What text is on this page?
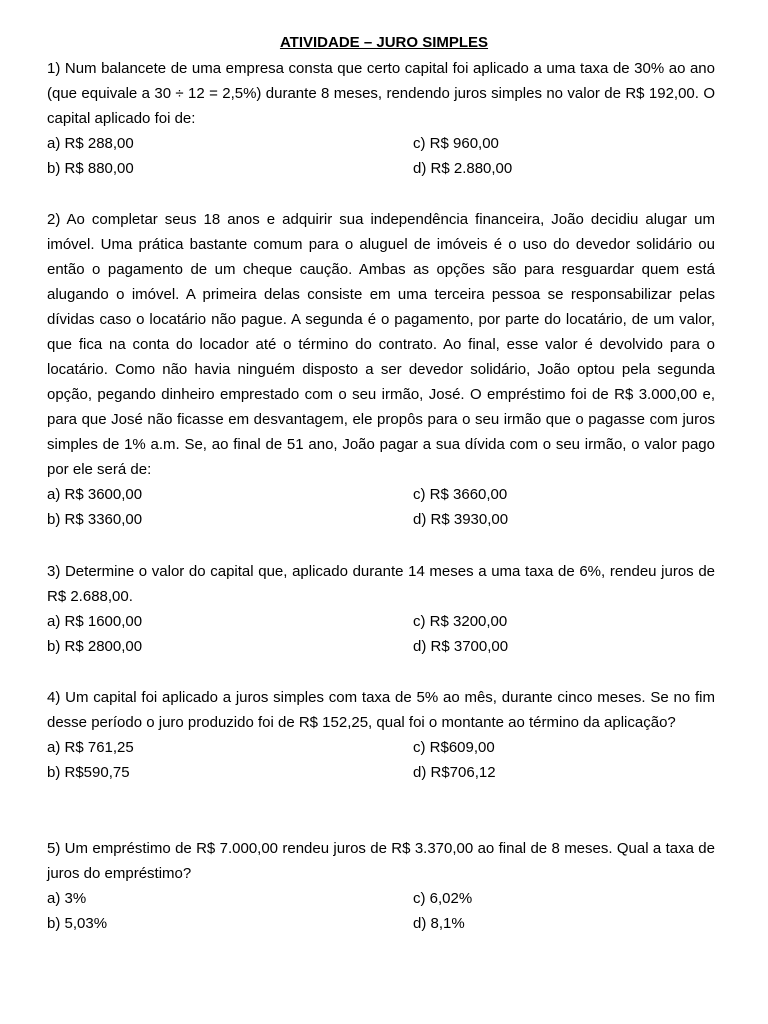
ATIVIDADE – JURO SIMPLES
1) Num balancete de uma empresa consta que certo capital foi aplicado a uma taxa de 30% ao ano (que equivale a 30 ÷ 12 = 2,5%) durante 8 meses, rendendo juros simples no valor de R$ 192,00. O capital aplicado foi de:
a) R$ 288,00	c) R$ 960,00
b) R$ 880,00	d) R$ 2.880,00
2) Ao completar seus 18 anos e adquirir sua independência financeira, João decidiu alugar um imóvel. Uma prática bastante comum para o aluguel de imóveis é o uso do devedor solidário ou então o pagamento de um cheque caução. Ambas as opções são para resguardar quem está alugando o imóvel. A primeira delas consiste em uma terceira pessoa se responsabilizar pelas dívidas caso o locatário não pague. A segunda é o pagamento, por parte do locatário, de um valor, que fica na conta do locador até o término do contrato. Ao final, esse valor é devolvido para o locatário. Como não havia ninguém disposto a ser devedor solidário, João optou pela segunda opção, pegando dinheiro emprestado com o seu irmão, José. O empréstimo foi de R$ 3.000,00 e, para que José não ficasse em desvantagem, ele propôs para o seu irmão que o pagasse com juros simples de 1% a.m. Se, ao final de 51 ano, João pagar a sua dívida com o seu irmão, o valor pago por ele será de:
a) R$ 3600,00	c) R$ 3660,00
b) R$ 3360,00	d) R$ 3930,00
3) Determine o valor do capital que, aplicado durante 14 meses a uma taxa de 6%, rendeu juros de R$ 2.688,00.
a) R$ 1600,00	c) R$ 3200,00
b) R$ 2800,00	d) R$ 3700,00
4) Um capital foi aplicado a juros simples com taxa de 5% ao mês, durante cinco meses. Se no fim desse período o juro produzido foi de R$ 152,25, qual foi o montante ao término da aplicação?
a) R$ 761,25	c) R$609,00
b) R$590,75	d) R$706,12
5) Um empréstimo de R$ 7.000,00 rendeu juros de R$ 3.370,00 ao final de 8 meses. Qual a taxa de juros do empréstimo?
a) 3%	c) 6,02%
b) 5,03%	d) 8,1%
